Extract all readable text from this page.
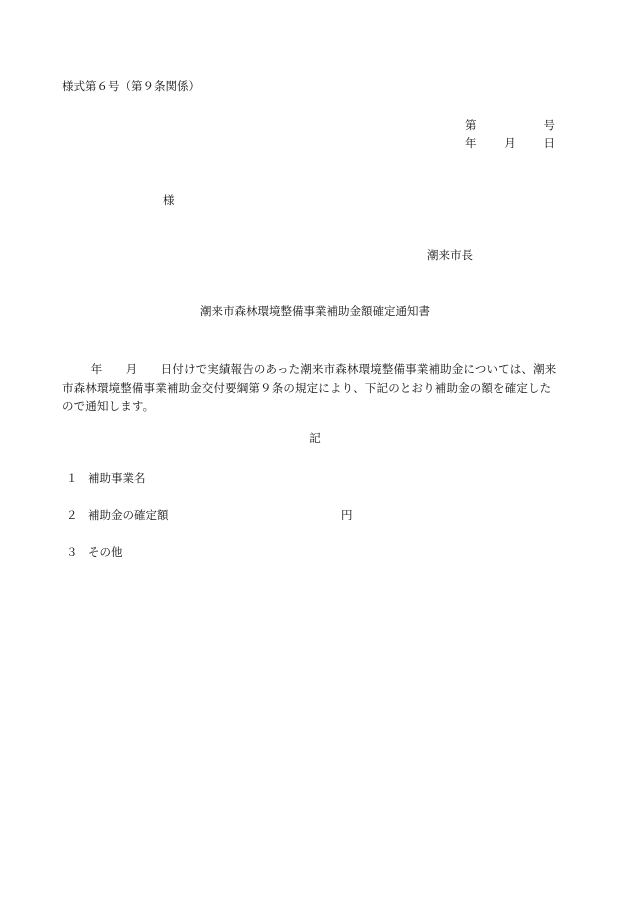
様式第６号（第９条関係）
第	号
年 月 日
様
潮来市長
潮来市森林環境整備事業補助金額確定通知書

年　　月　　日付けで実績報告のあった潮来市森林環境整備事業補助金については、潮来市森林環境整備事業補助金交付要綱第９条の規定により、下記のとおり補助金の額を確定したので通知します。

記
１ 補助事業名
２ 補助金の確定額	円
３ その他
